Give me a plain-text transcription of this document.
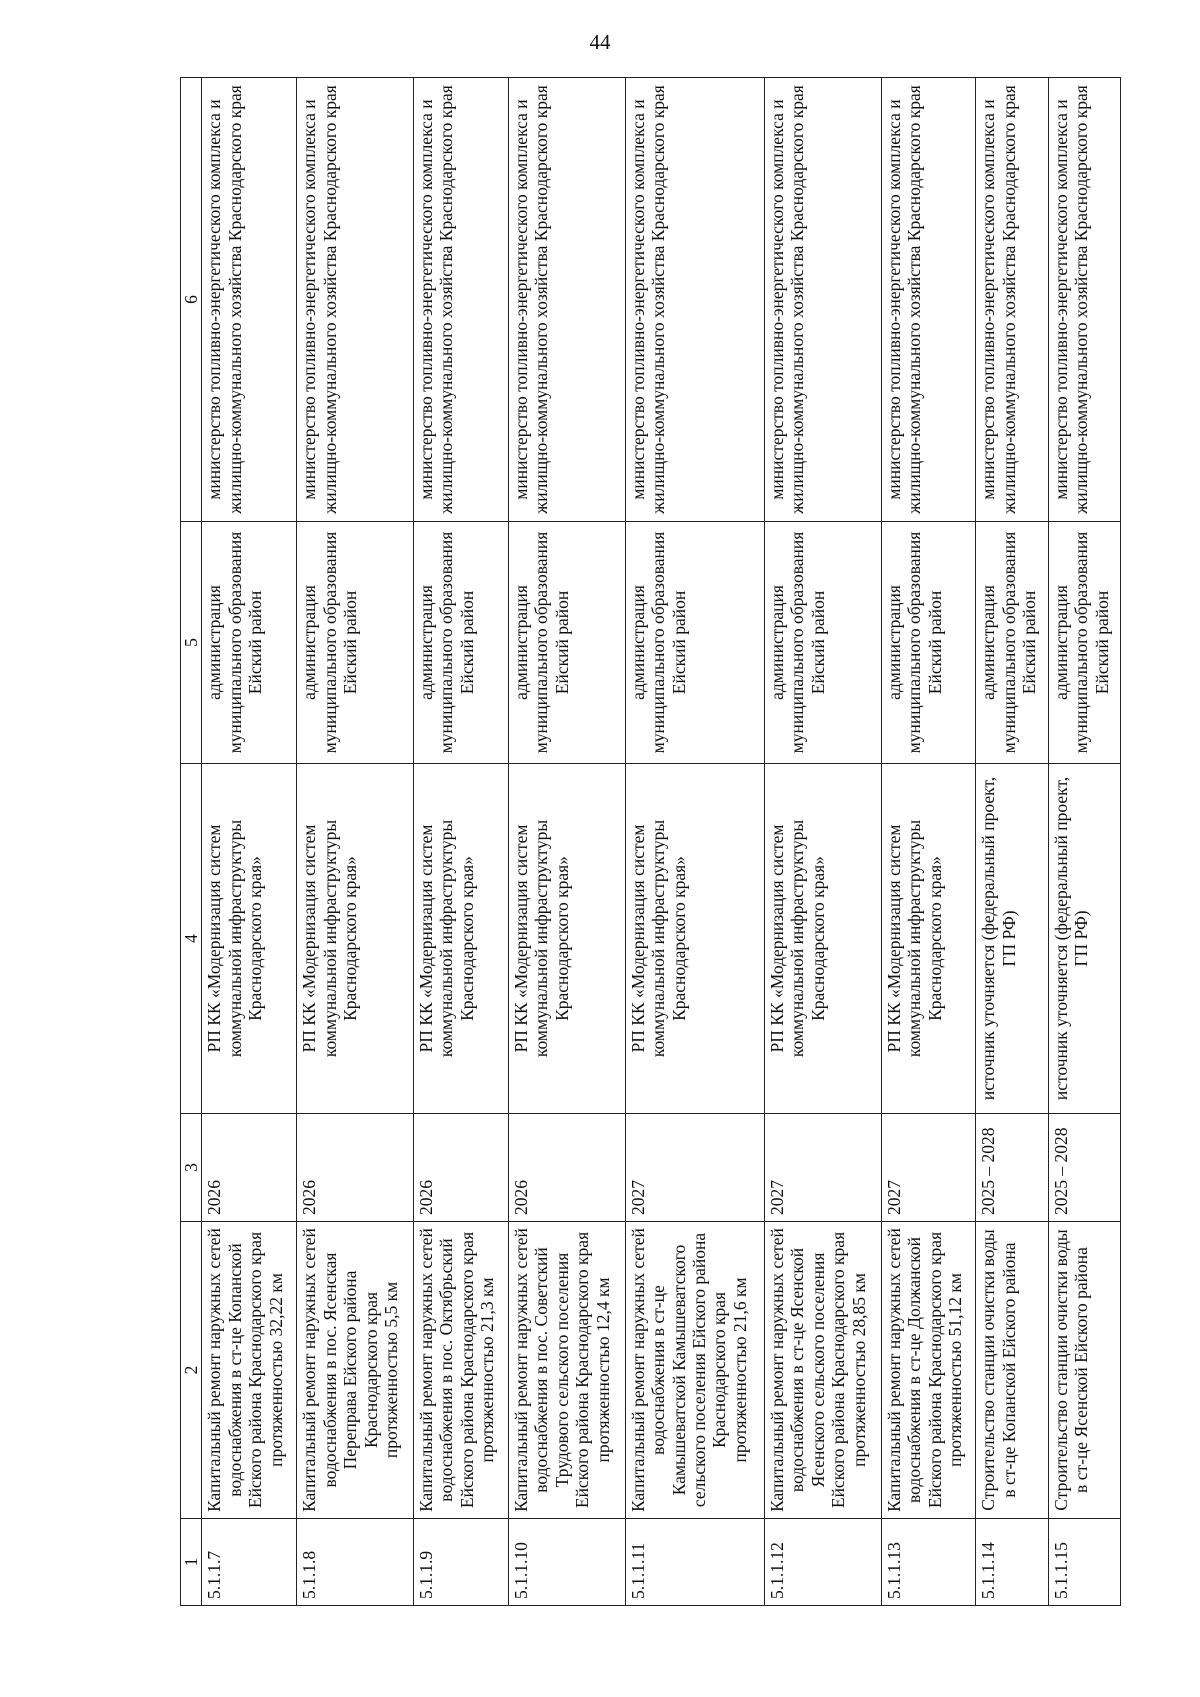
44
1	2	3	4	5	6
5.1.1.7	Капитальный ремонт наружных сетей водоснабжения в ст-це Копанской Ейского района Краснодарского края протяженностью 32,22 км	2026	РП КК «Модернизация систем коммунальной инфраструктуры Краснодарского края»	администрация муниципального образования Ейский район	министерство топливно-энергетического комплекса и жилищно-коммунального хозяйства Краснодарского края
5.1.1.8	Капитальный ремонт наружных сетей водоснабжения в пос. Ясенская Переправа Ейского района Краснодарского края протяженностью 5,5 км	2026	РП КК «Модернизация систем коммунальной инфраструктуры Краснодарского края»	администрация муниципального образования Ейский район	министерство топливно-энергетического комплекса и жилищно-коммунального хозяйства Краснодарского края
5.1.1.9	Капитальный ремонт наружных сетей водоснабжения в пос. Октябрьский Ейского района Краснодарского края протяженностью 21,3 км	2026	РП КК «Модернизация систем коммунальной инфраструктуры Краснодарского края»	администрация муниципального образования Ейский район	министерство топливно-энергетического комплекса и жилищно-коммунального хозяйства Краснодарского края
5.1.1.10	Капитальный ремонт наружных сетей водоснабжения в пос. Советский Трудового сельского поселения Ейского района Краснодарского края протяженностью 12,4 км	2026	РП КК «Модернизация систем коммунальной инфраструктуры Краснодарского края»	администрация муниципального образования Ейский район	министерство топливно-энергетического комплекса и жилищно-коммунального хозяйства Краснодарского края
5.1.1.11	Капитальный ремонт наружных сетей водоснабжения в ст-це Камышеватской Камышеватского сельского поселения Ейского района Краснодарского края протяженностью 21,6 км	2027	РП КК «Модернизация систем коммунальной инфраструктуры Краснодарского края»	администрация муниципального образования Ейский район	министерство топливно-энергетического комплекса и жилищно-коммунального хозяйства Краснодарского края
5.1.1.12	Капитальный ремонт наружных сетей водоснабжения в ст-це Ясенской Ясенского сельского поселения Ейского района Краснодарского края протяженностью 28,85 км	2027	РП КК «Модернизация систем коммунальной инфраструктуры Краснодарского края»	администрация муниципального образования Ейский район	министерство топливно-энергетического комплекса и жилищно-коммунального хозяйства Краснодарского края
5.1.1.13	Капитальный ремонт наружных сетей водоснабжения в ст-це Должанской Ейского района Краснодарского края протяженностью 51,12 км	2027	РП КК «Модернизация систем коммунальной инфраструктуры Краснодарского края»	администрация муниципального образования Ейский район	министерство топливно-энергетического комплекса и жилищно-коммунального хозяйства Краснодарского края
5.1.1.14	Строительство станции очистки воды в ст-це Копанской Ейского района	2025 – 2028	источник уточняется (федеральный проект, ГП РФ)	администрация муниципального образования Ейский район	министерство топливно-энергетического комплекса и жилищно-коммунального хозяйства Краснодарского края
5.1.1.15	Строительство станции очистки воды в ст-це Ясенской Ейского района	2025 – 2028	источник уточняется (федеральный проект, ГП РФ)	администрация муниципального образования Ейский район	министерство топливно-энергетического комплекса и жилищно-коммунального хозяйства Краснодарского края
